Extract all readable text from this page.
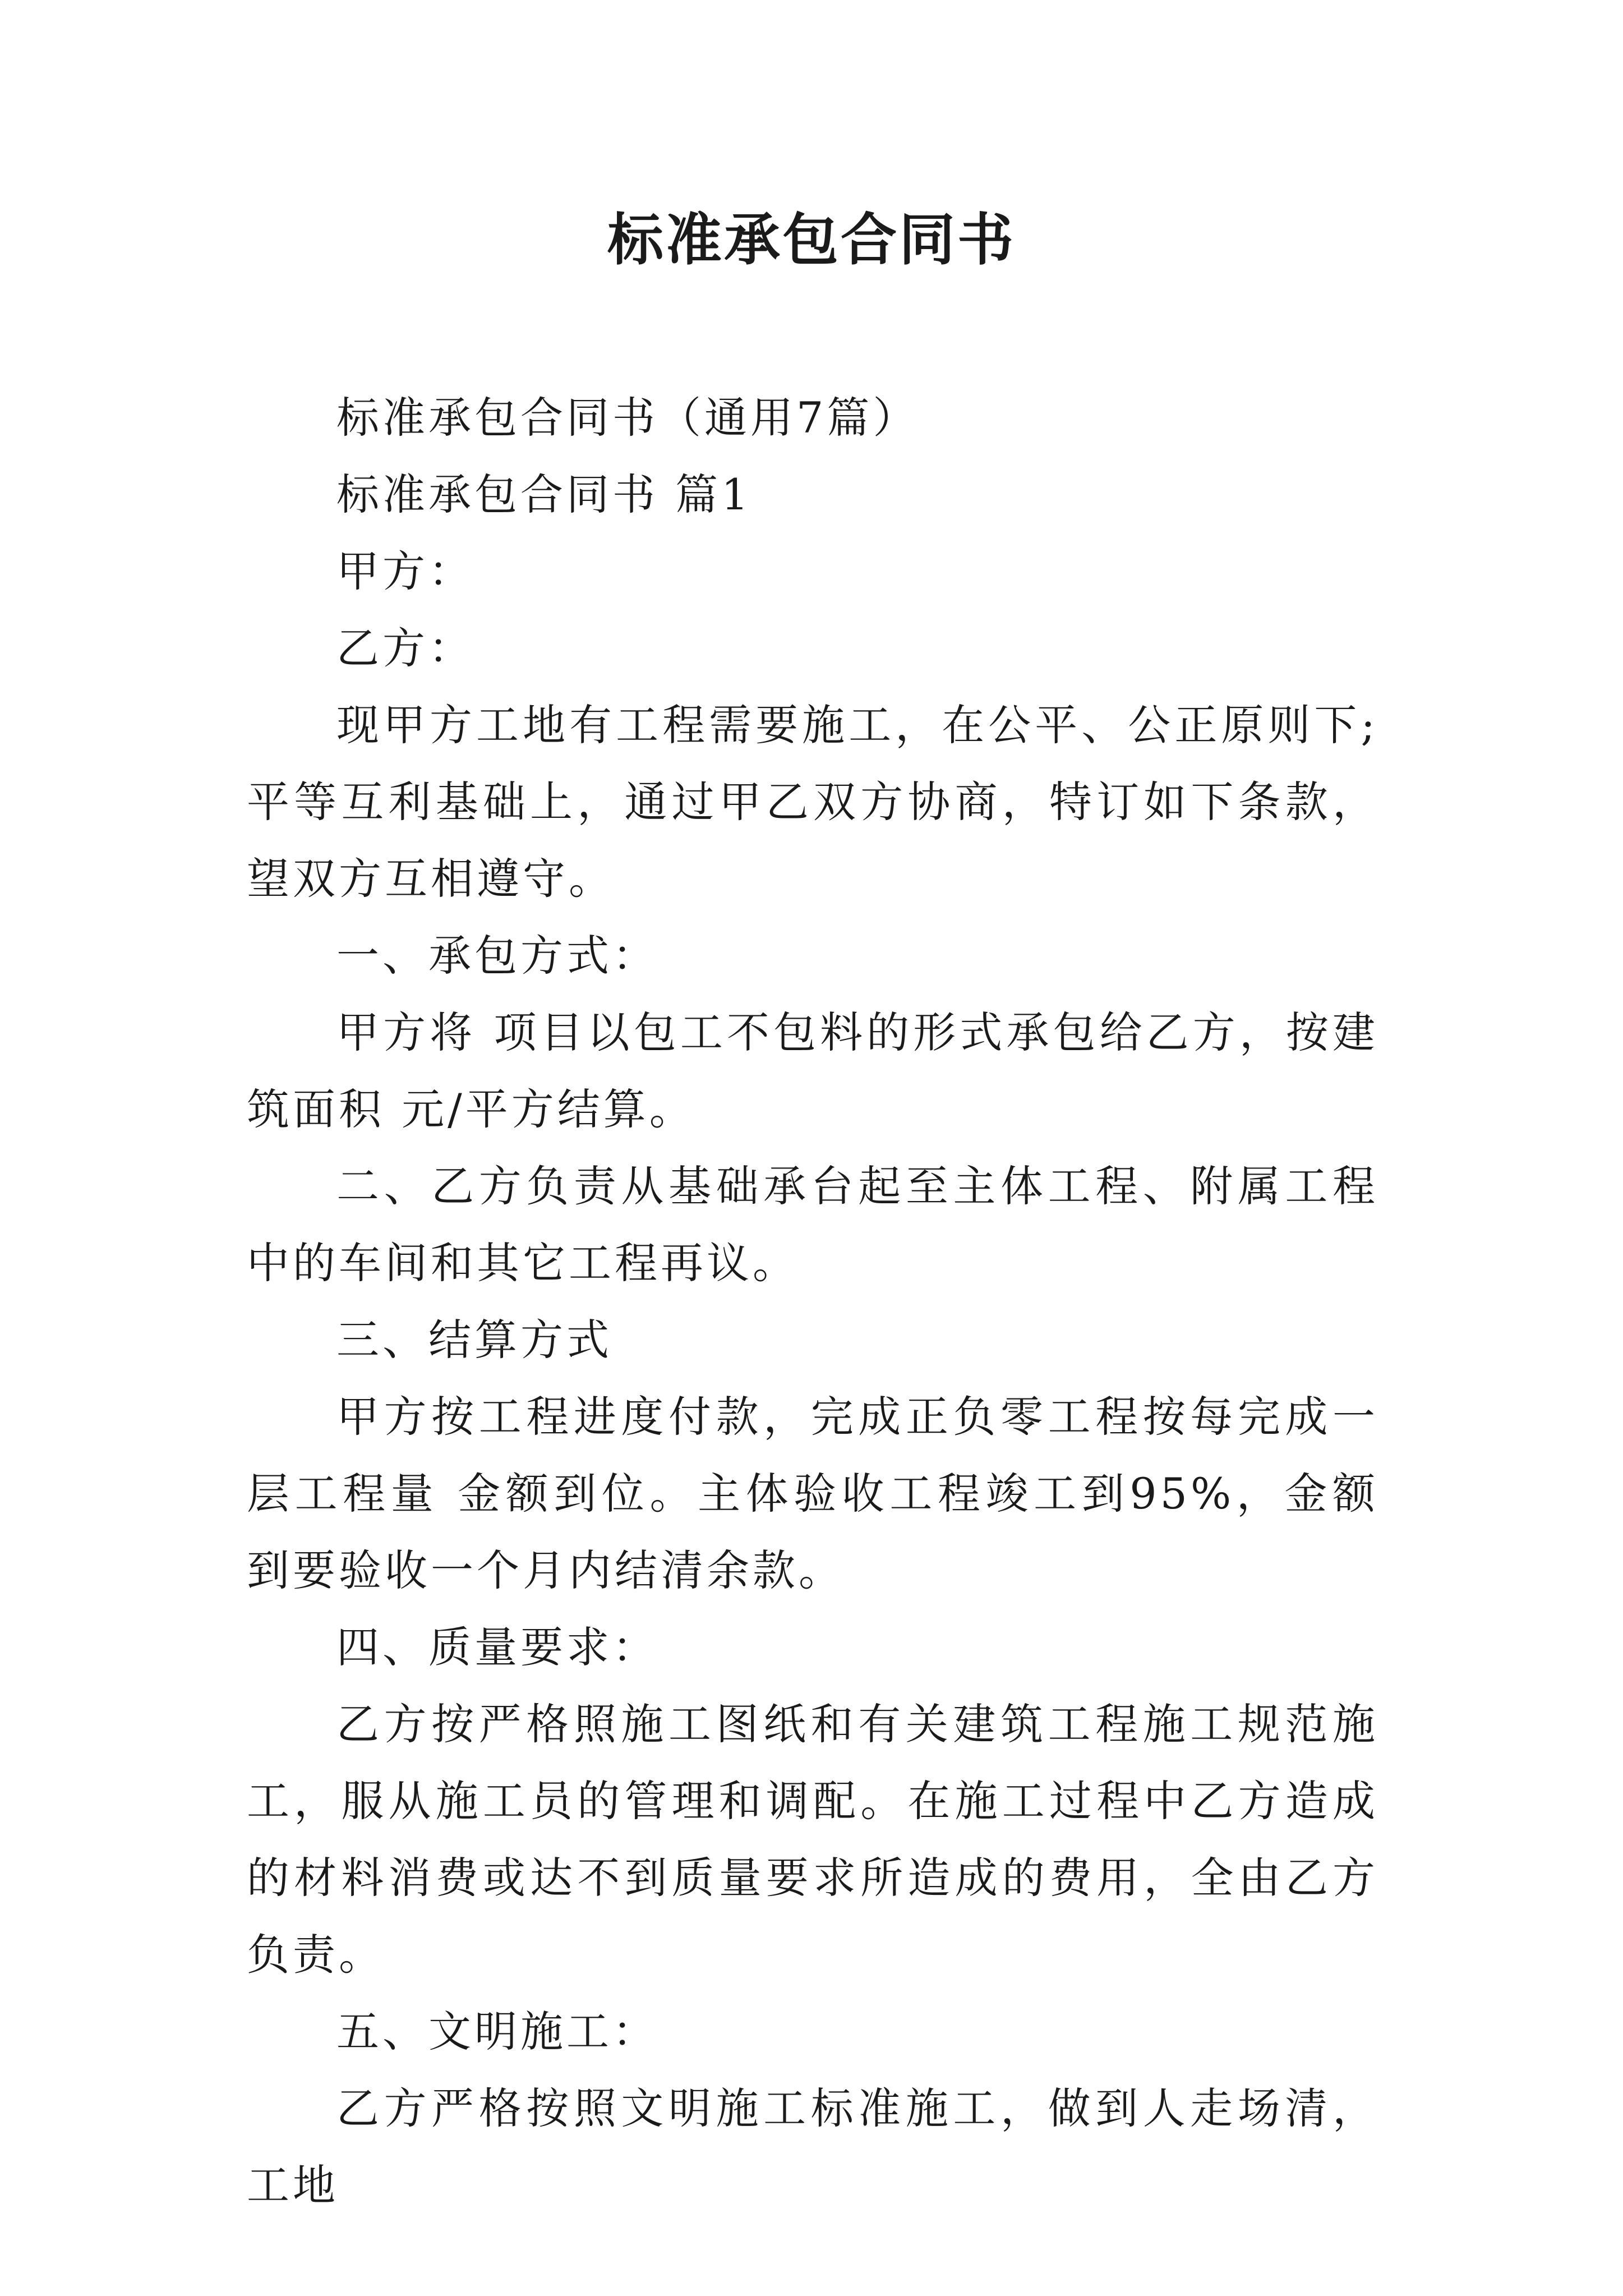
标准承包合同书

标准承包合同书（通用7篇）

标准承包合同书 篇1

甲方：

乙方：

现甲方工地有工程需要施工，在公平、公正原则下;平等互利基础上，通过甲乙双方协商，特订如下条款，望双方互相遵守。

一、承包方式：

甲方将 项目以包工不包料的形式承包给乙方，按建筑面积 元/平方结算。

二、乙方负责从基础承台起至主体工程、附属工程中的车间和其它工程再议。

三、结算方式

甲方按工程进度付款，完成正负零工程按每完成一层工程量 金额到位。主体验收工程竣工到95%，金额到要验收一个月内结清余款。

四、质量要求：

乙方按严格照施工图纸和有关建筑工程施工规范施工，服从施工员的管理和调配。在施工过程中乙方造成的材料消费或达不到质量要求所造成的费用，全由乙方负责。

五、文明施工：

乙方严格按照文明施工标准施工，做到人走场清，工地
